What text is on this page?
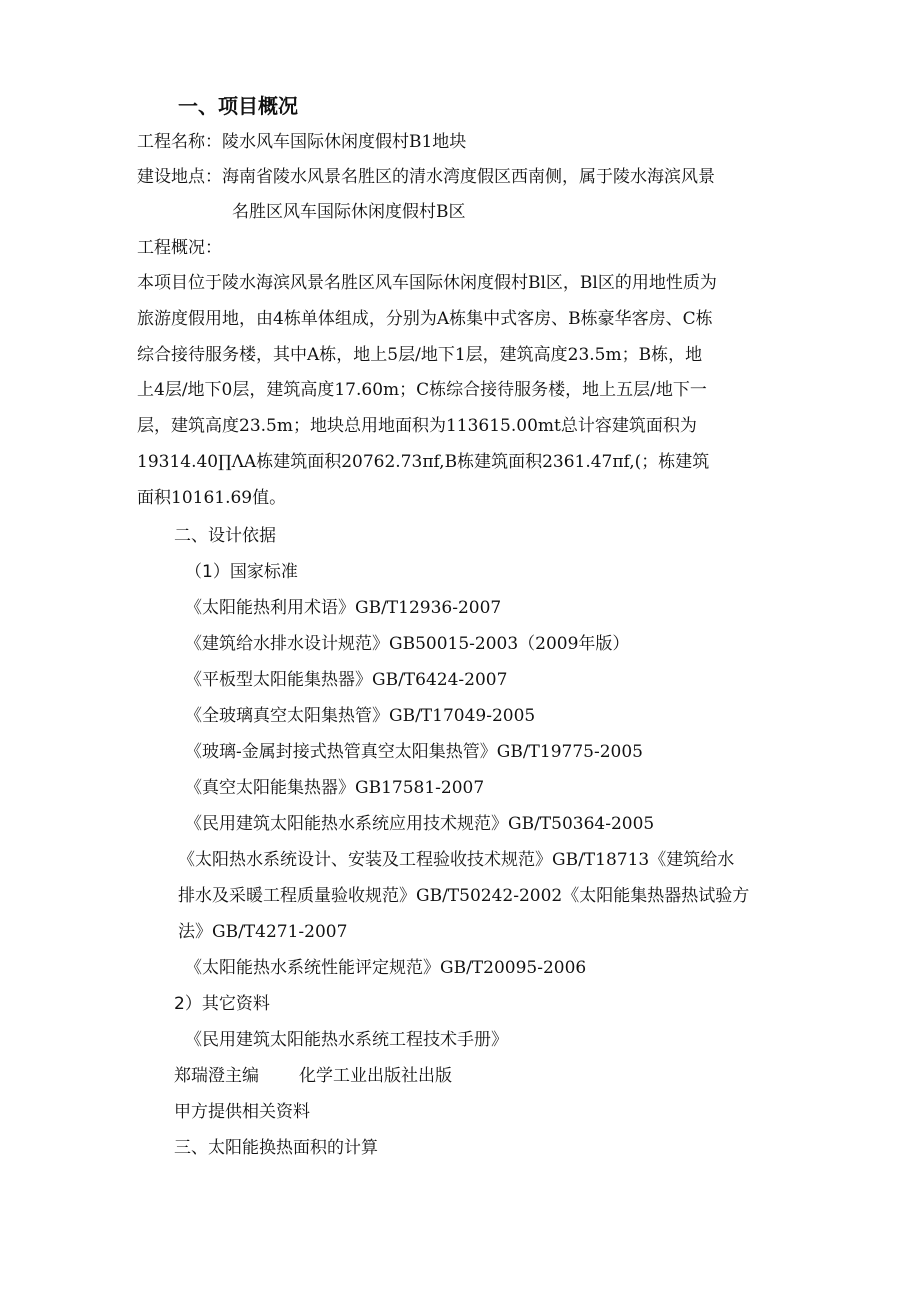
一、项目概况
工程名称：陵水风车国际休闲度假村B1地块
建设地点：海南省陵水风景名胜区的清水湾度假区西南侧，属于陵水海滨风景
名胜区风车国际休闲度假村B区
工程概况：
本项目位于陵水海滨风景名胜区风车国际休闲度假村Bl区，Bl区的用地性质为
旅游度假用地，由4栋单体组成，分别为A栋集中式客房、B栋豪华客房、C栋
综合接待服务楼，其中A栋，地上5层/地下1层，建筑高度23.5m；B栋，地
上4层/地下0层，建筑高度17.60m；C栋综合接待服务楼，地上五层/地下一
层，建筑高度23.5m；地块总用地面积为113615.00mt总计容建筑面积为
19314.40∏ΛA栋建筑面积20762.73πf,B栋建筑面积2361.47πf,(；栋建筑
面积10161.69值。
二、设计依据
（1）国家标准
《太阳能热利用术语》GB/T12936-2007
《建筑给水排水设计规范》GB50015-2003（2009年版）
《平板型太阳能集热器》GB/T6424-2007
《全玻璃真空太阳集热管》GB/T17049-2005
《玻璃-金属封接式热管真空太阳集热管》GB/T19775-2005
《真空太阳能集热器》GB17581-2007
《民用建筑太阳能热水系统应用技术规范》GB/T50364-2005
《太阳热水系统设计、安装及工程验收技术规范》GB/T18713《建筑给水
排水及采暖工程质量验收规范》GB/T50242-2002《太阳能集热器热试验方
法》GB/T4271-2007
《太阳能热水系统性能评定规范》GB/T20095-2006
2）其它资料
《民用建筑太阳能热水系统工程技术手册》
郑瑞澄主编 化学工业出版社出版
甲方提供相关资料
三、太阳能换热面积的计算
